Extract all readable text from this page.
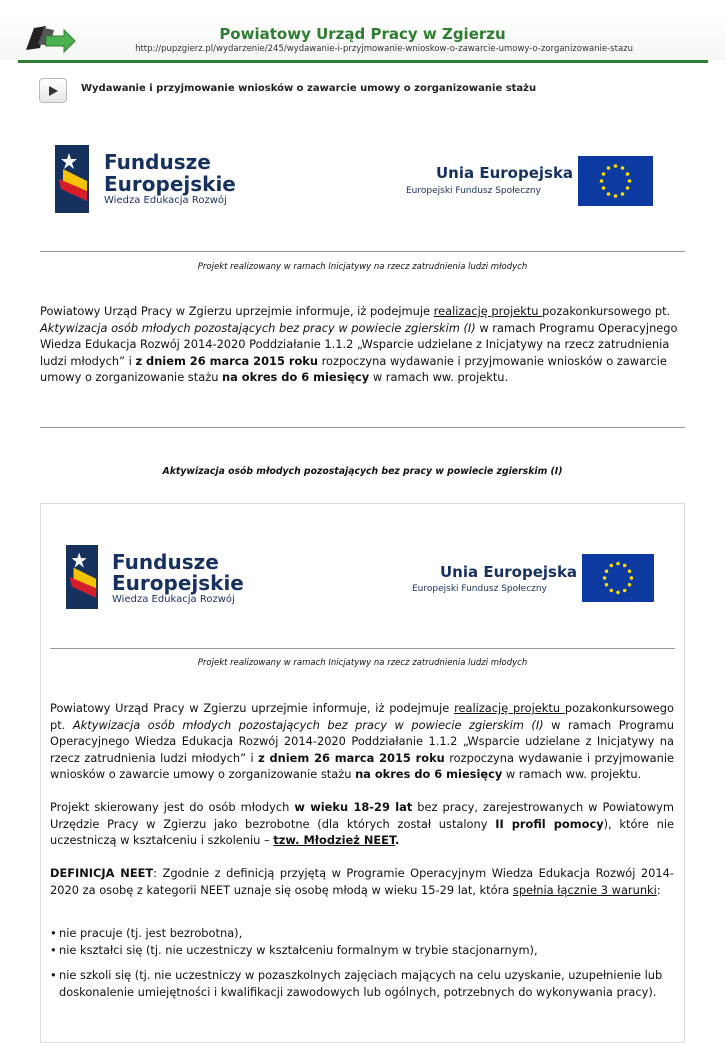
Powiatowy Urząd Pracy w Zgierzu
http://pupzgierz.pl/wydarzenie/245/wydawanie-i-przyjmowanie-wnioskow-o-zawarcie-umowy-o-zorganizowanie-stazu
Wydawanie i przyjmowanie wniosków o zawarcie umowy o zorganizowanie stażu
Fundusze
Europejskie
Wiedza Edukacja Rozwój
Unia Europejska
Europejski Fundusz Społeczny
Projekt realizowany w ramach Inicjatywy na rzecz zatrudnienia ludzi młodych
Powiatowy Urząd Pracy w Zgierzu uprzejmie informuje, iż podejmuje realizację projektu pozakonkursowego pt. Aktywizacja osób młodych pozostających bez pracy w powiecie zgierskim (I) w ramach Programu Operacyjnego Wiedza Edukacja Rozwój 2014-2020 Poddziałanie 1.1.2 „Wsparcie udzielane z Inicjatywy na rzecz zatrudnienia ludzi młodych” i z dniem 26 marca 2015 roku rozpoczyna wydawanie i przyjmowanie wniosków o zawarcie umowy o zorganizowanie stażu na okres do 6 miesięcy w ramach ww. projektu.
Aktywizacja osób młodych pozostających bez pracy w powiecie zgierskim (I)
Fundusze
Europejskie
Wiedza Edukacja Rozwój
Unia Europejska
Europejski Fundusz Społeczny
Projekt realizowany w ramach Inicjatywy na rzecz zatrudnienia ludzi młodych
Powiatowy Urząd Pracy w Zgierzu uprzejmie informuje, iż podejmuje realizację projektu pozakonkursowego pt. Aktywizacja osób młodych pozostających bez pracy w powiecie zgierskim (I) w ramach Programu Operacyjnego Wiedza Edukacja Rozwój 2014-2020 Poddziałanie 1.1.2 „Wsparcie udzielane z Inicjatywy na rzecz zatrudnienia ludzi młodych” i z dniem 26 marca 2015 roku rozpoczyna wydawanie i przyjmowanie wniosków o zawarcie umowy o zorganizowanie stażu na okres do 6 miesięcy w ramach ww. projektu.
Projekt skierowany jest do osób młodych w wieku 18-29 lat bez pracy, zarejestrowanych w Powiatowym Urzędzie Pracy w Zgierzu jako bezrobotne (dla których został ustalony II profil pomocy), które nie uczestniczą w kształceniu i szkoleniu – tzw. Młodzież NEET.
DEFINICJA NEET: Zgodnie z definicją przyjętą w Programie Operacyjnym Wiedza Edukacja Rozwój 2014-2020 za osobę z kategorii NEET uznaje się osobę młodą w wieku 15-29 lat, która spełnia łącznie 3 warunki:
• nie pracuje (tj. jest bezrobotna),
• nie kształci się (tj. nie uczestniczy w kształceniu formalnym w trybie stacjonarnym),
• nie szkoli się (tj. nie uczestniczy w pozaszkolnych zajęciach mających na celu uzyskanie, uzupełnienie lub doskonalenie umiejętności i kwalifikacji zawodowych lub ogólnych, potrzebnych do wykonywania pracy).
